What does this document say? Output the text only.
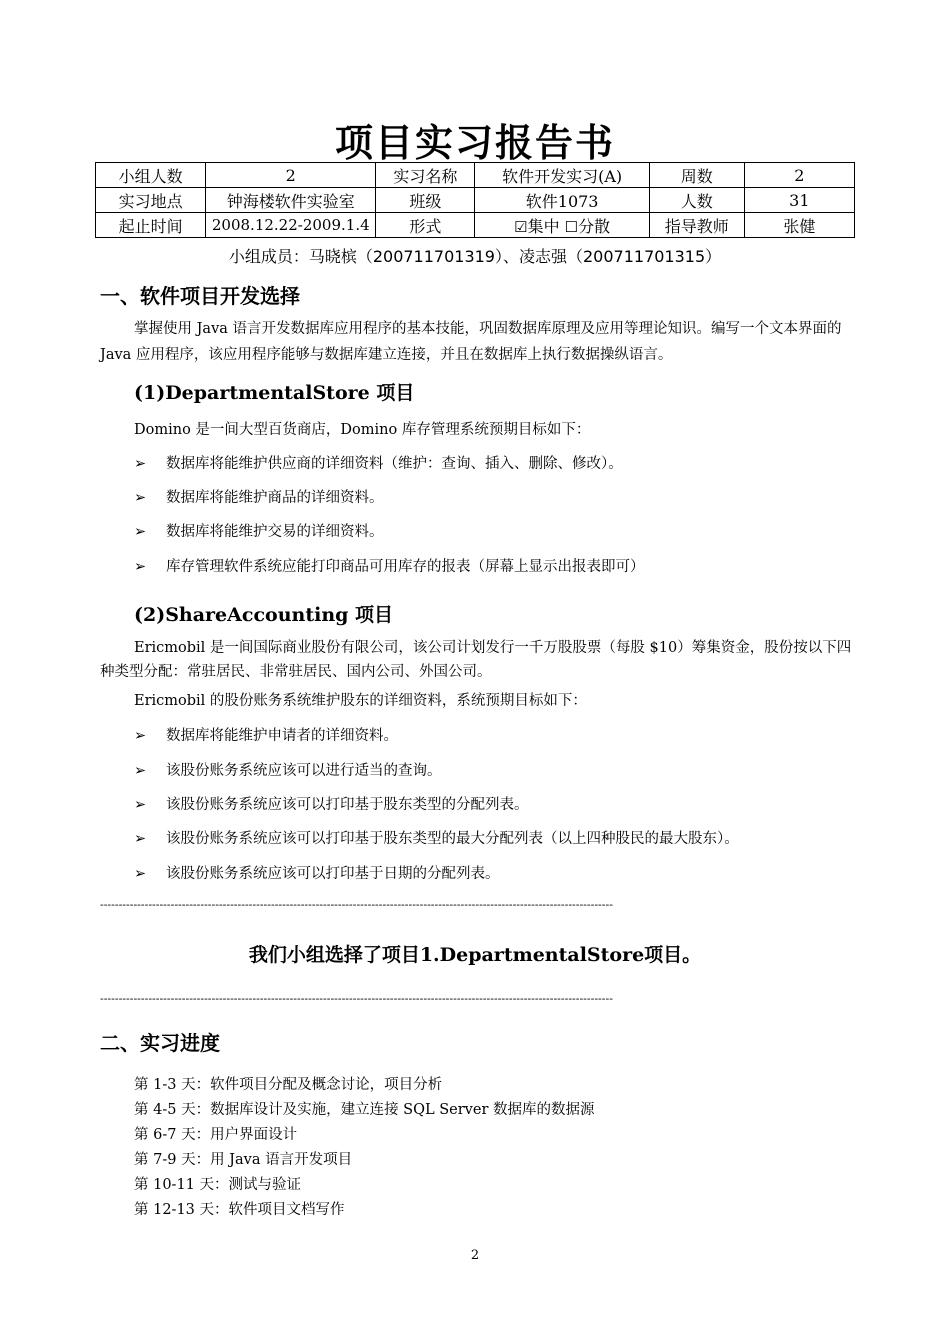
项目实习报告书
小组人数	2	实习名称	软件开发实习(A)	周数	2
实习地点	钟海楼软件实验室	班级	软件1073	人数	31
起止时间	2008.12.22-2009.1.4	形式	☑集中 ☐分散	指导教师	张健
小组成员：马晓槟（200711701319）、凌志强（200711701315）
一、软件项目开发选择
掌握使用 Java 语言开发数据库应用程序的基本技能，巩固数据库原理及应用等理论知识。编写一个文本界面的 Java 应用程序，该应用程序能够与数据库建立连接，并且在数据库上执行数据操纵语言。
(1)DepartmentalStore 项目
Domino 是一间大型百货商店，Domino 库存管理系统预期目标如下：
➢ 数据库将能维护供应商的详细资料（维护：查询、插入、删除、修改）。
➢ 数据库将能维护商品的详细资料。
➢ 数据库将能维护交易的详细资料。
➢ 库存管理软件系统应能打印商品可用库存的报表（屏幕上显示出报表即可）
(2)ShareAccounting 项目
Ericmobil 是一间国际商业股份有限公司，该公司计划发行一千万股股票（每股 $10）筹集资金，股份按以下四种类型分配：常驻居民、非常驻居民、国内公司、外国公司。
Ericmobil 的股份账务系统维护股东的详细资料，系统预期目标如下：
➢ 数据库将能维护申请者的详细资料。
➢ 该股份账务系统应该可以进行适当的查询。
➢ 该股份账务系统应该可以打印基于股东类型的分配列表。
➢ 该股份账务系统应该可以打印基于股东类型的最大分配列表（以上四种股民的最大股东）。
➢ 该股份账务系统应该可以打印基于日期的分配列表。
------------------------------------------------------------------------------------------------------------------------------------------
我们小组选择了项目1.DepartmentalStore项目。
------------------------------------------------------------------------------------------------------------------------------------------
二、实习进度
第 1-3 天：软件项目分配及概念讨论，项目分析
第 4-5 天：数据库设计及实施，建立连接 SQL Server 数据库的数据源
第 6-7 天：用户界面设计
第 7-9 天：用 Java 语言开发项目
第 10-11 天：测试与验证
第 12-13 天：软件项目文档写作
2
